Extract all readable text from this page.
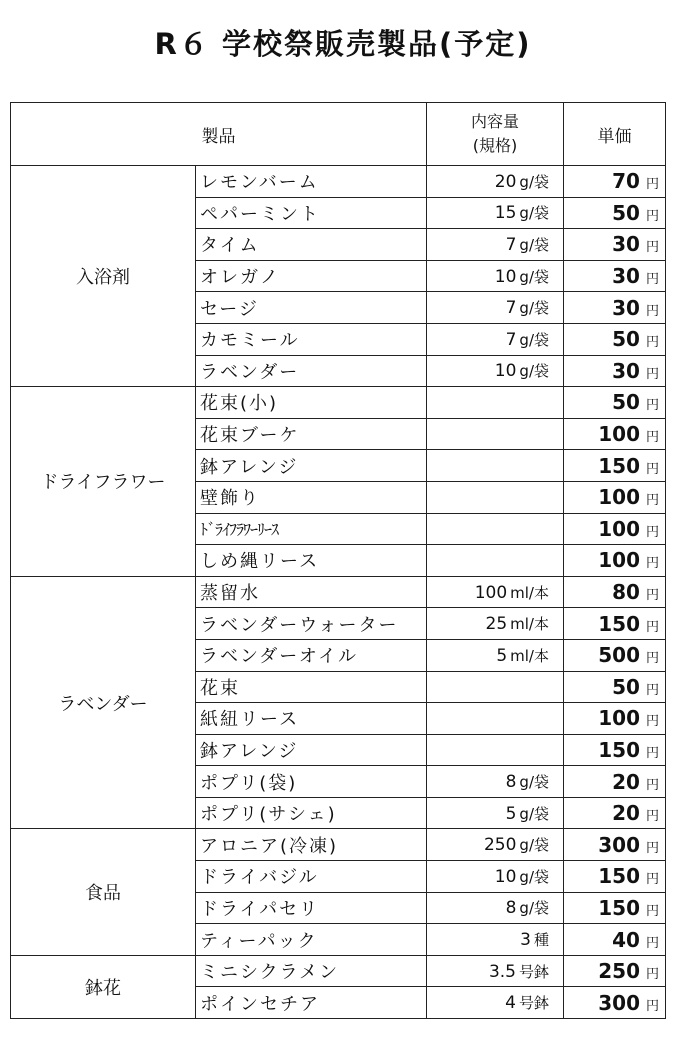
R６ 学校祭販売製品(予定)
製品		内容量
(規格)	単価
入浴剤	レモンバーム	20 g/袋	70 円
	ペパーミント	15 g/袋	50 円
	タイム	7 g/袋	30 円
	オレガノ	10 g/袋	30 円
	セージ	7 g/袋	30 円
	カモミール	7 g/袋	50 円
	ラベンダー	10 g/袋	30 円
ドライフラワー	花束(小)		50 円
	花束ブーケ		100 円
	鉢アレンジ		150 円
	壁飾り		100 円
	ﾄﾞﾗｲﾌﾗﾜｰﾘｰｽ		100 円
	しめ縄リース		100 円
ラベンダー	蒸留水	100 ml/本	80 円
	ラベンダーウォーター	25 ml/本	150 円
	ラベンダーオイル	5 ml/本	500 円
	花束		50 円
	紙紐リース		100 円
	鉢アレンジ		150 円
	ポプリ(袋)	8 g/袋	20 円
	ポプリ(サシェ)	5 g/袋	20 円
食品	アロニア(冷凍)	250 g/袋	300 円
	ドライバジル	10 g/袋	150 円
	ドライパセリ	8 g/袋	150 円
	ティーパック	3 種	40 円
鉢花	ミニシクラメン	3.5 号鉢	250 円
	ポインセチア	4 号鉢	300 円
